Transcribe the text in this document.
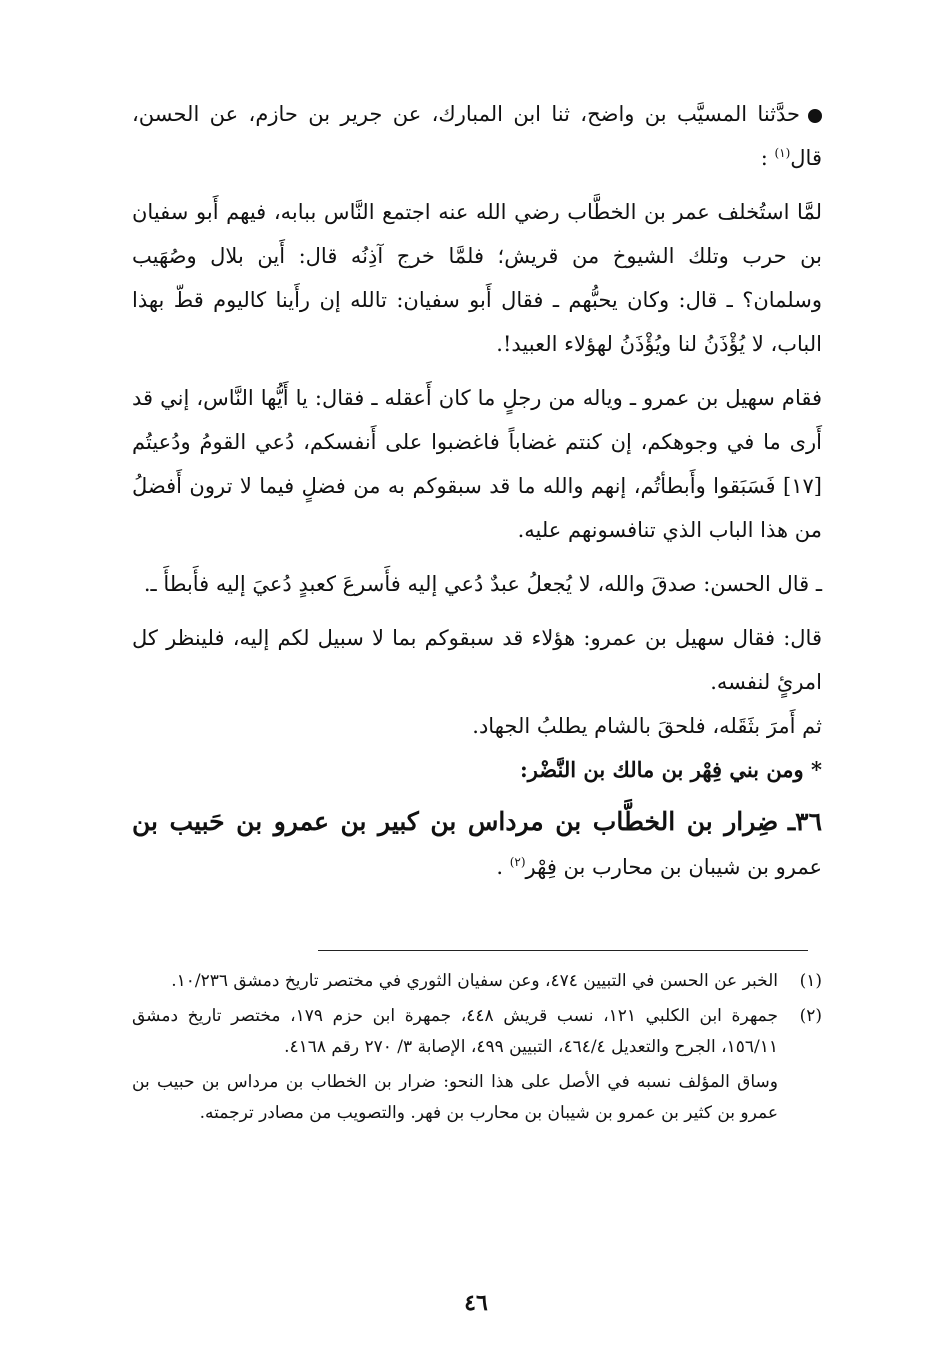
حدَّثنا المسيَّب بن واضح، ثنا ابن المبارك، عن جرير بن حازم، عن الحسن، قال$^{(١)}$ :

لمَّا استُخلف عمر بن الخطَّاب رضي الله عنه اجتمع النَّاس ببابه، فيهم أَبو سفيان بن حرب وتلك الشيوخ من قريش؛ فلمَّا خرج آذِنُه قال: أَين بلال وصُهَيب وسلمان؟ ـ قال: وكان يحبُّهم ـ فقال أَبو سفيان: تالله إن رأَينا كاليوم قطّ بهذا الباب، لا يُؤْذَنُ لنا ويُؤْذَنُ لهؤلاء العبيد!.

فقام سهيل بن عمرو ـ وياله من رجلٍ ما كان أَعقله ـ فقال: يا أَيُّها النَّاس، إني قد أَرى ما في وجوهكم، إن كنتم غضاباً فاغضبوا على أَنفسكم، دُعي القومُ ودُعيتُم [١٧] فَسَبَقوا وأَبطأتُم، إنهم والله ما قد سبقوكم به من فضلٍ فيما لا ترون أَفضلُ من هذا الباب الذي تنافسونهم عليه.

ـ قال الحسن: صدقَ والله، لا يُجعلُ عبدٌ دُعي إليه فأَسرعَ كعبدٍ دُعيَ إليه فأَبطأَ ـ.

قال: فقال سهيل بن عمرو: هؤلاء قد سبقوكم بما لا سبيل لكم إليه، فلينظر كل امرئٍ لنفسه.

ثم أَمرَ بثَقَله، فلحقَ بالشام يطلبُ الجهاد.

* ومن بني فِهْر بن مالك بن النَّضْر:

٣٦ـ ضِرار بن الخطَّاب بن مرداس بن كبير بن عمرو بن حَبيب بن عمرو بن شيبان بن محارب بن فِهْر$^{(٢)}$ .

(١)
الخبر عن الحسن في التبيين ٤٧٤، وعن سفيان الثوري في مختصر تاريخ دمشق ١٠/٢٣٦.
(٢)
جمهرة ابن الكلبي ١٢١، نسب قريش ٤٤٨، جمهرة ابن حزم ١٧٩، مختصر تاريخ دمشق ١٥٦/١١، الجرح والتعديل ٤٦٤/٤، التبيين ٤٩٩، الإصابة ٣/ ٢٧٠ رقم ٤١٦٨.
وساق المؤلف نسبه في الأصل على هذا النحو: ضرار بن الخطاب بن مرداس بن حبيب بن عمرو بن كثير بن عمرو بن شيبان بن محارب بن فهر. والتصويب من مصادر ترجمته.
٤٦
